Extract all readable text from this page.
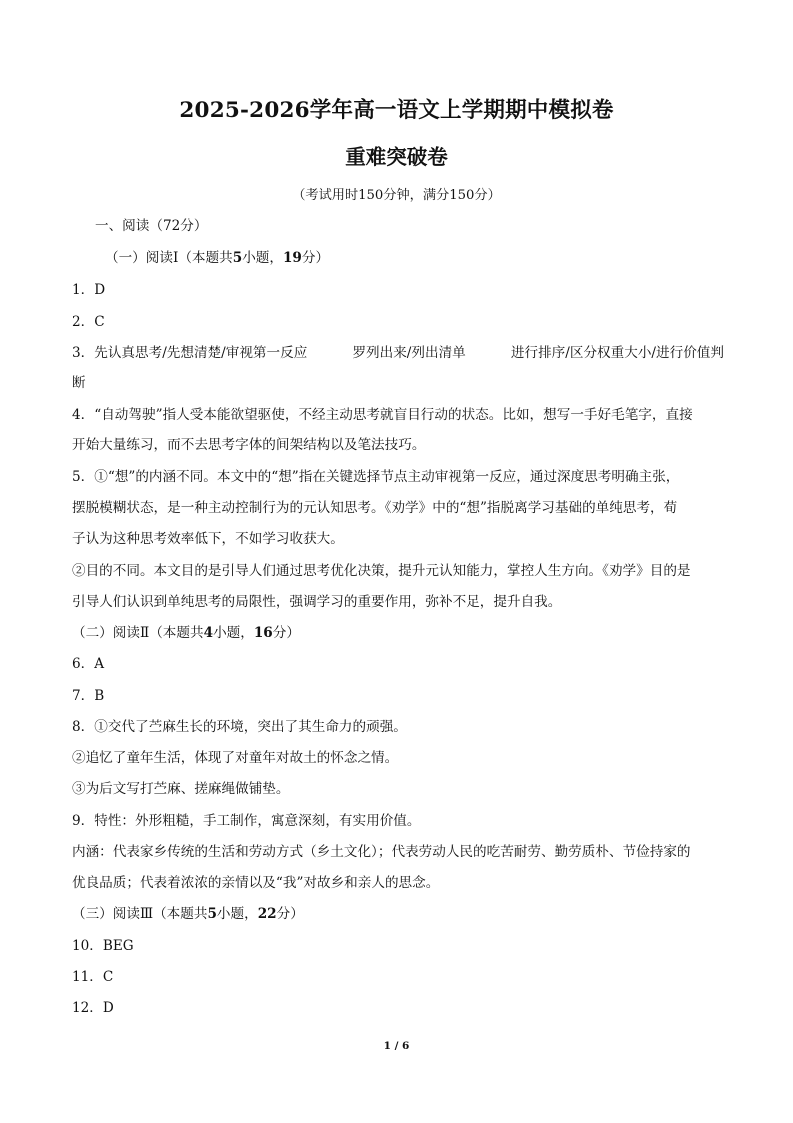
2025-2026学年高一语文上学期期中模拟卷
重难突破卷
（考试用时150分钟，满分150分）
一、阅读（72分）
（一）阅读Ⅰ（本题共5小题，19分）
1．D
2．C
3．先认真思考/先想清楚/审视第一反应	罗列出来/列出清单	进行排序/区分权重大小/进行价值判
断
4．“自动驾驶”指人受本能欲望驱使，不经主动思考就盲目行动的状态。比如，想写一手好毛笔字，直接
开始大量练习，而不去思考字体的间架结构以及笔法技巧。
5．①“想”的内涵不同。本文中的“想”指在关键选择节点主动审视第一反应，通过深度思考明确主张，
摆脱模糊状态，是一种主动控制行为的元认知思考。《劝学》中的“想”指脱离学习基础的单纯思考，荀
子认为这种思考效率低下，不如学习收获大。
②目的不同。本文目的是引导人们通过思考优化决策，提升元认知能力，掌控人生方向。《劝学》目的是
引导人们认识到单纯思考的局限性，强调学习的重要作用，弥补不足，提升自我。
（二）阅读Ⅱ（本题共4小题，16分）
6．A
7．B
8．①交代了苎麻生长的环境，突出了其生命力的顽强。
②追忆了童年生活，体现了对童年对故土的怀念之情。
③为后文写打苎麻、搓麻绳做铺垫。
9．特性：外形粗糙，手工制作，寓意深刻，有实用价值。
内涵：代表家乡传统的生活和劳动方式（乡土文化）；代表劳动人民的吃苦耐劳、勤劳质朴、节俭持家的
优良品质；代表着浓浓的亲情以及“我”对故乡和亲人的思念。
（三）阅读Ⅲ（本题共5小题，22分）
10．BEG
11．C
12．D
1 / 6
